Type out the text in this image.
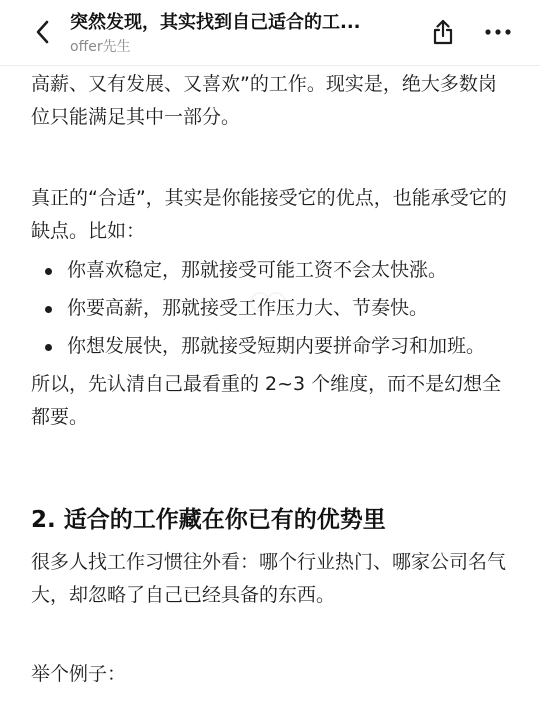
突然发现，其实找到自己适合的工...
offer先生

高薪、又有发展、又喜欢”的工作。现实是，绝大多数岗位只能满足其中一部分。

真正的“合适”，其实是你能接受它的优点，也能承受它的缺点。比如：

你喜欢稳定，那就接受可能工资不会太快涨。
你要高薪，那就接受工作压力大、节奏快。
你想发展快，那就接受短期内要拼命学习和加班。

所以，先认清自己最看重的 2~3 个维度，而不是幻想全都要。

2. 适合的工作藏在你已有的优势里

很多人找工作习惯往外看：哪个行业热门、哪家公司名气大，却忽略了自己已经具备的东西。

举个例子：
